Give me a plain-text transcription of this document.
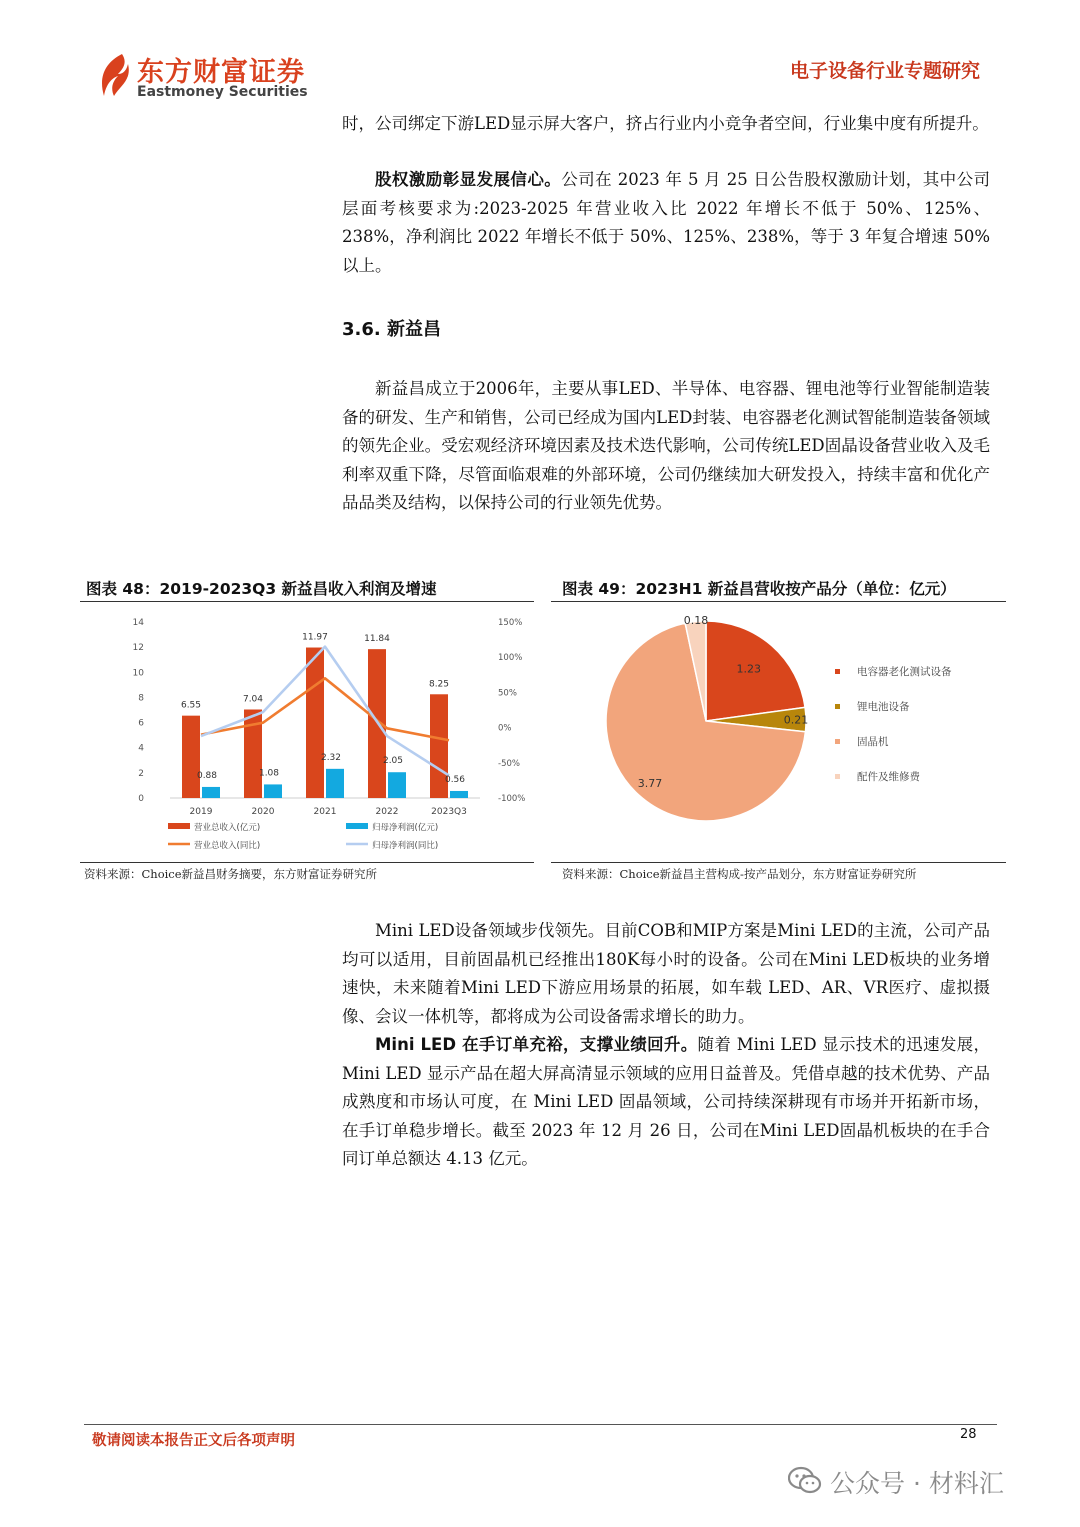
东方财富证券
Eastmoney Securities
电子设备行业专题研究
时，公司绑定下游LED显示屏大客户，挤占行业内小竞争者空间，行业集中度有所提升。
股权激励彰显发展信心。公司在 2023 年 5 月 25 日公告股权激励计划，其中公司层面考核要求为:2023-2025 年营业收入比 2022 年增长不低于 50%、125%、238%，净利润比 2022 年增长不低于 50%、125%、238%，等于 3 年复合增速 50%以上。
3.6. 新益昌
新益昌成立于2006年，主要从事LED、半导体、电容器、锂电池等行业智能制造装备的研发、生产和销售，公司已经成为国内LED封装、电容器老化测试智能制造装备领域的领先企业。受宏观经济环境因素及技术迭代影响，公司传统LED固晶设备营业收入及毛利率双重下降，尽管面临艰难的外部环境，公司仍继续加大研发投入，持续丰富和优化产品品类及结构，以保持公司的行业领先优势。
图表 48：2019-2023Q3 新益昌收入利润及增速	图表 49：2023H1 新益昌营收按产品分（单位：亿元）
6.55
7.04
11.97	11.84
8.25
0.88	1.08
2.32	2.05
0.56
0
2
4
6
8
10
12
14	150%
100%
50%
0%
-50%
-100%
2019	2020	2021	2022	2023Q3
营业总收入(亿元)	归母净利润(亿元)
营业总收入(同比)	归母净利润(同比)
1.23
0.21
3.77
0.18
电容器老化测试设备
锂电池设备
固晶机
配件及维修费
资料来源：Choice新益昌财务摘要，东方财富证券研究所	资料来源：Choice新益昌主营构成-按产品划分，东方财富证券研究所
Mini LED设备领域步伐领先。目前COB和MIP方案是Mini LED的主流，公司产品均可以适用，目前固晶机已经推出180K每小时的设备。公司在Mini LED板块的业务增速快，未来随着Mini LED下游应用场景的拓展，如车载 LED、AR、VR医疗、虚拟摄像、会议一体机等，都将成为公司设备需求增长的助力。
Mini LED 在手订单充裕，支撑业绩回升。随着 Mini LED 显示技术的迅速发展，Mini LED 显示产品在超大屏高清显示领域的应用日益普及。凭借卓越的技术优势、产品成熟度和市场认可度，在 Mini LED 固晶领域，公司持续深耕现有市场并开拓新市场，在手订单稳步增长。截至 2023 年 12 月 26 日，公司在Mini LED固晶机板块的在手合同订单总额达 4.13 亿元。
敬请阅读本报告正文后各项声明	28
公众号 · 材料汇
